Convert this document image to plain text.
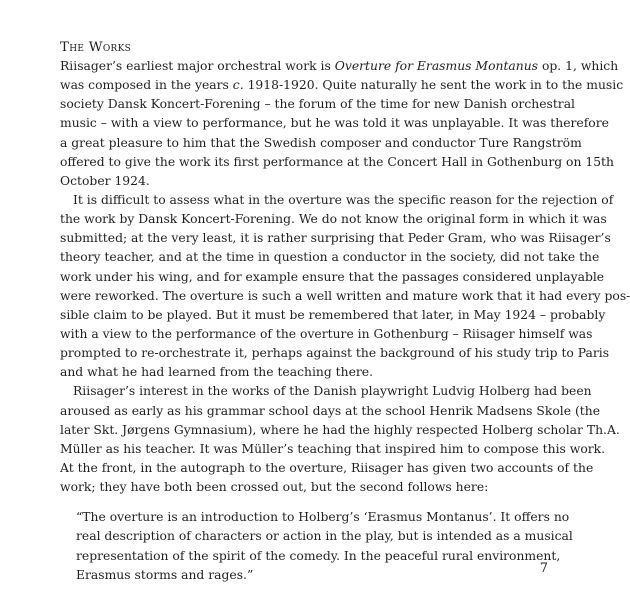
The Works
Riisager’s earliest major orchestral work is Overture for Erasmus Montanus op. 1, which
was composed in the years c. 1918-1920. Quite naturally he sent the work in to the music
society Dansk Koncert-Forening – the forum of the time for new Danish orchestral
music – with a view to performance, but he was told it was unplayable. It was therefore
a great pleasure to him that the Swedish composer and conductor Ture Rangström
offered to give the work its first performance at the Concert Hall in Gothenburg on 15th
October 1924.
It is difficult to assess what in the overture was the specific reason for the rejection of
the work by Dansk Koncert-Forening. We do not know the original form in which it was
submitted; at the very least, it is rather surprising that Peder Gram, who was Riisager’s
theory teacher, and at the time in question a conductor in the society, did not take the
work under his wing, and for example ensure that the passages considered unplayable
were reworked. The overture is such a well written and mature work that it had every pos-
sible claim to be played. But it must be remembered that later, in May 1924 – probably
with a view to the performance of the overture in Gothenburg – Riisager himself was
prompted to re-orchestrate it, perhaps against the background of his study trip to Paris
and what he had learned from the teaching there.
Riisager’s interest in the works of the Danish playwright Ludvig Holberg had been
aroused as early as his grammar school days at the school Henrik Madsens Skole (the
later Skt. Jørgens Gymnasium), where he had the highly respected Holberg scholar Th.A.
Müller as his teacher. It was Müller’s teaching that inspired him to compose this work.
At the front, in the autograph to the overture, Riisager has given two accounts of the
work; they have both been crossed out, but the second follows here:
“The overture is an introduction to Holberg’s ‘Erasmus Montanus’. It offers no
real description of characters or action in the play, but is intended as a musical
representation of the spirit of the comedy. In the peaceful rural environment,
Erasmus storms and rages.”	7
